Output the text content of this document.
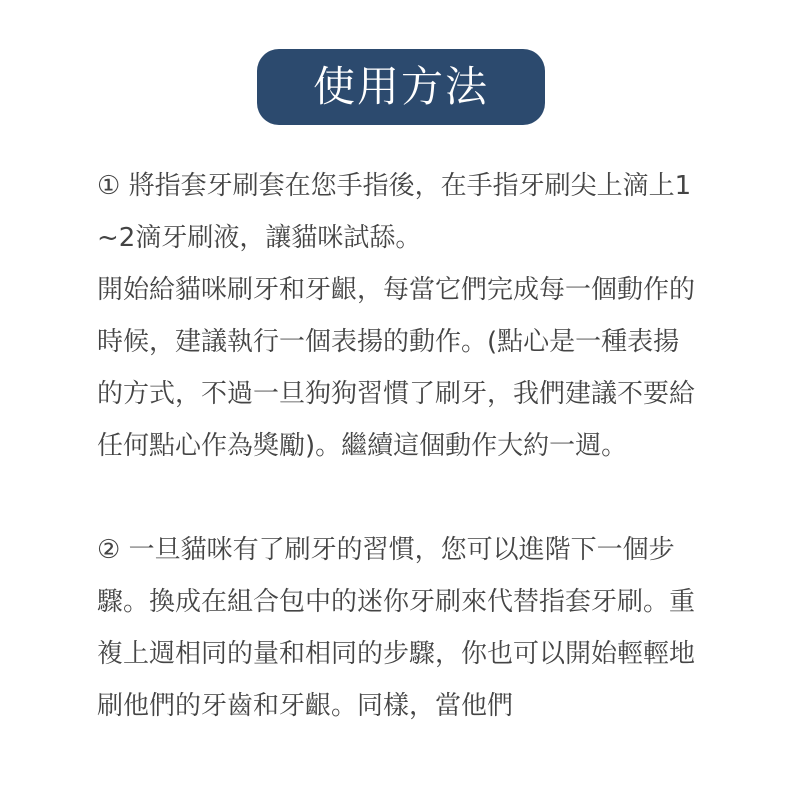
使用方法

① 將指套牙刷套在您手指後，在手指牙刷尖上滴上1~2滴牙刷液，讓貓咪試舔。

開始給貓咪刷牙和牙齦，每當它們完成每一個動作的時候，建議執行一個表揚的動作。(點心是一種表揚的方式，不過一旦狗狗習慣了刷牙，我們建議不要給任何點心作為獎勵)。繼續這個動作大約一週。

② 一旦貓咪有了刷牙的習慣，您可以進階下一個步驟。換成在組合包中的迷你牙刷來代替指套牙刷。重複上週相同的量和相同的步驟，你也可以開始輕輕地刷他們的牙齒和牙齦。同樣，當他們
